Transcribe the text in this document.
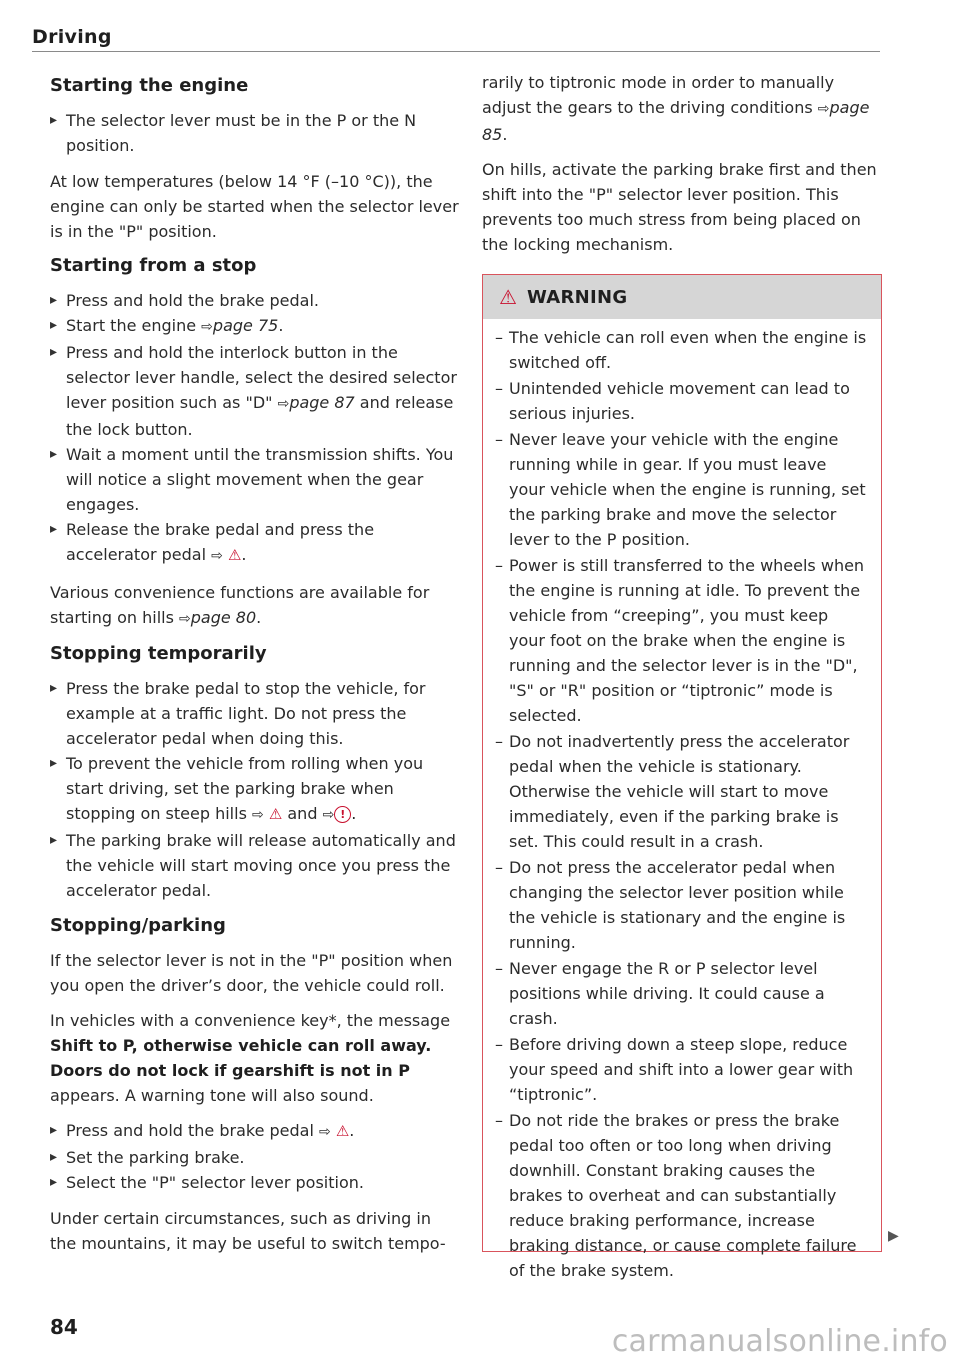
Driving
Starting the engine
▸ The selector lever must be in the P or the N position.

At low temperatures (below 14 °F (–10 °C)), the engine can only be started when the selector lever is in the "P" position.

Starting from a stop
▸ Press and hold the brake pedal.
▸ Start the engine ⇨page 75.
▸ Press and hold the interlock button in the selector lever handle, select the desired selector lever position such as "D" ⇨page 87 and release the lock button.
▸ Wait a moment until the transmission shifts. You will notice a slight movement when the gear engages.
▸ Release the brake pedal and press the accelerator pedal ⇨ ⚠.

Various convenience functions are available for starting on hills ⇨page 80.

Stopping temporarily
▸ Press the brake pedal to stop the vehicle, for example at a traffic light. Do not press the accelerator pedal when doing this.
▸ To prevent the vehicle from rolling when you start driving, set the parking brake when stopping on steep hills ⇨ ⚠ and ⇨ ! .
▸ The parking brake will release automatically and the vehicle will start moving once you press the accelerator pedal.
Stopping/parking

If the selector lever is not in the "P" position when you open the driver’s door, the vehicle could roll.

In vehicles with a convenience key*, the message Shift to P, otherwise vehicle can roll away. Doors do not lock if gearshift is not in P appears. A warning tone will also sound.

▸ Press and hold the brake pedal ⇨ ⚠.
▸ Set the parking brake.
▸ Select the "P" selector lever position.

Under certain circumstances, such as driving in the mountains, it may be useful to switch tempo-

rarily to tiptronic mode in order to manually adjust the gears to the driving conditions ⇨page 85.

On hills, activate the parking brake first and then shift into the "P" selector lever position. This prevents too much stress from being placed on the locking mechanism.

⚠ WARNING
– The vehicle can roll even when the engine is switched off.
– Unintended vehicle movement can lead to serious injuries.
– Never leave your vehicle with the engine running while in gear. If you must leave your vehicle when the engine is running, set the parking brake and move the selector lever to the P position.
– Power is still transferred to the wheels when the engine is running at idle. To prevent the vehicle from “creeping”, you must keep your foot on the brake when the engine is running and the selector lever is in the "D", "S" or "R" position or “tiptronic” mode is selected.
– Do not inadvertently press the accelerator pedal when the vehicle is stationary. Otherwise the vehicle will start to move immediately, even if the parking brake is set. This could result in a crash.
– Do not press the accelerator pedal when changing the selector lever position while the vehicle is stationary and the engine is running.
– Never engage the R or P selector level positions while driving. It could cause a crash.
– Before driving down a steep slope, reduce your speed and shift into a lower gear with “tiptronic”.
– Do not ride the brakes or press the brake pedal too often or too long when driving downhill. Constant braking causes the brakes to overheat and can substantially reduce braking performance, increase braking distance, or cause complete failure of the brake system.
▶
84	carmanualsonline.info
